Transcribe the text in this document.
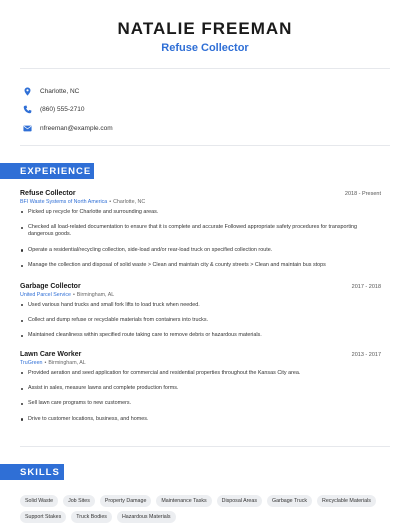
NATALIE FREEMAN
Refuse Collector
Charlotte, NC
(860) 555-2710
nfreeman@example.com
EXPERIENCE
Refuse Collector	2018 - Present
BFI Waste Systems of North America • Charlotte, NC
Picked up recycle for Charlotte and surrounding areas.
Checked all load-related documentation to ensure that it is complete and accurate Followed appropriate safety procedures for transporting dangerous goods.
Operate a residential/recycling collection, side-load and/or rear-load truck on specified collection route.
Manage the collection and disposal of solid waste > Clean and maintain city & county streets > Clean and maintain bus stops
Garbage Collector	2017 - 2018
United Parcel Service • Birmingham, AL
Used various hand trucks and small fork lifts to load truck when needed.
Collect and dump refuse or recyclable materials from containers into trucks.
Maintained cleanliness within specified route taking care to remove debris or hazardous materials.
Lawn Care Worker	2013 - 2017
TruGreen • Birmingham, AL
Provided aeration and seed application for commercial and residential properties throughout the Kansas City area.
Assist in sales, measure lawns and complete production forms.
Sell lawn care programs to new customers.
Drive to customer locations, business, and homes.
SKILLS
Solid Waste	Job Sites	Property Damage	Maintenance Tasks	Disposal Areas	Garbage Truck	Recyclable Materials
Support Stakes	Truck Bodies	Hazardous Materials
